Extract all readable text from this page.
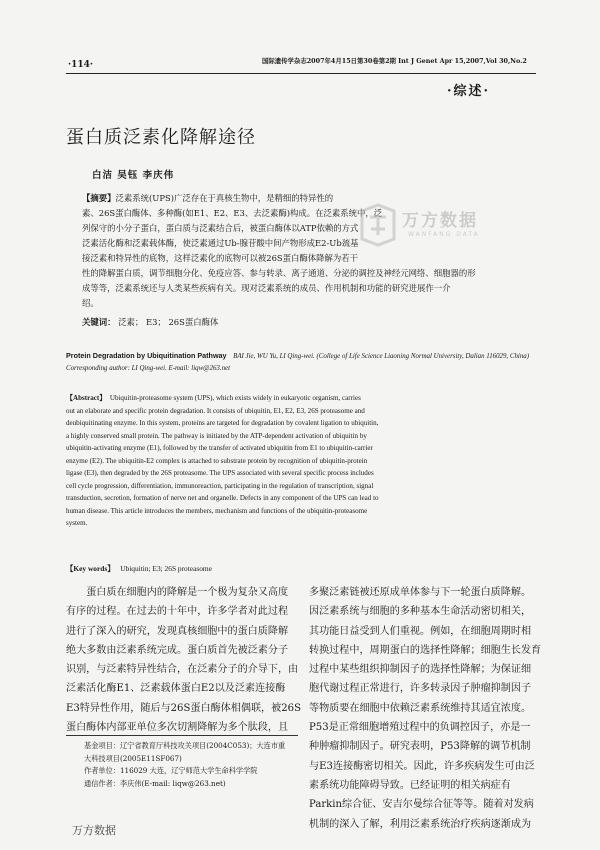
·114·	国际遗传学杂志2007年4月15日第30卷第2期 Int J Genet Apr 15,2007,Vol 30,No.2
·综述·
蛋白质泛素化降解途径
白洁 吴钰 李庆伟

【摘要】泛素系统(UPS)广泛存在于真核生物中，是精细的特异性的

素、26S蛋白酶体、多种酶(如E1、E2、E3、去泛素酶)构成。在泛素系统中，泛

列保守的小分子蛋白，蛋白质与泛素结合后，被蛋白酶体以ATP依赖的方式

泛素活化酶和泛素载体酶，使泛素通过Ub-腺苷酸中间产物形成E2-Ub巯基

接泛素和特异性的底物，这样泛素化的底物可以被26S蛋白酶体降解为若干

性的降解蛋白质，调节细胞分化、免疫应答、参与转录、离子通道、分泌的调控及神经元网络、细胞器的形

成等等，泛素系统还与人类某些疾病有关。现对泛素系统的成员、作用机制和功能的研究进展作一介

绍。

万方数据
WANFANG DATA
关键词： 泛素； E3； 26S蛋白酶体
Protein Degradation by Ubiquitination Pathway BAI Jie, WU Yu, LI Qing-wei. (College of Life Science Liaoning Normal University, Dalian 116029, China)
Corresponding author: LI Qing-wei. E-mail: liqw@263.net

【Abstract】 Ubiquitin-proteasome system (UPS), which exists widely in eukaryotic organism, carries

out an elaborate and specific protein degradation. It consists of ubiquitin, E1, E2, E3, 26S proteasome and

deubiquitinating enzyme. In this system, proteins are targeted for degradation by covalent ligation to ubiquitin,

a highly conserved small protein. The pathway is initiated by the ATP-dependent activation of ubiquitin by

ubiquitin-activating enzyme (E1), followed by the transfer of activated ubiquitin from E1 to ubiquitin-carrier

enzyme (E2). The ubiquitin-E2 complex is attached to substrate protein by recognition of ubiquitin-protein

ligase (E3), then degraded by the 26S proteasome. The UPS associated with several specific process includes

cell cycle progression, differentiation, immunoreaction, participating in the regulation of transcription, signal

transduction, secretion, formation of nerve net and organelle. Defects in any component of the UPS can lead to

human disease. This article introduces the members, mechanism and functions of the ubiquitin-proteasome

system.

【Key words】 Ubiquitin; E3; 26S proteasome

蛋白质在细胞内的降解是一个极为复杂又高度

有序的过程。在过去的十年中，许多学者对此过程

进行了深入的研究，发现真核细胞中的蛋白质降解

绝大多数由泛素系统完成。蛋白质首先被泛素分子

识别，与泛素特异性结合，在泛素分子的介导下，由

泛素活化酶E1、泛素载体蛋白E2以及泛素连接酶

E3特异性作用，随后与26S蛋白酶体相偶联，被26S

蛋白酶体内部亚单位多次切割降解为多个肽段，且

基金项目：辽宁省教育厅科技攻关项目(2004C053)；大连市重

大科技项目(2005E11SF067)

作者单位：116029 大连，辽宁师范大学生命科学学院

通信作者：李庆伟(E-mail: liqw@263.net)

多聚泛素链被还原成单体参与下一轮蛋白质降解。

因泛素系统与细胞的多种基本生命活动密切相关，

其功能日益受到人们重视。例如，在细胞周期时相

转换过程中，周期蛋白的选择性降解；细胞生长发育

过程中某些组织抑制因子的选择性降解；为保证细

胞代谢过程正常进行，许多转录因子肿瘤抑制因子

等物质要在细胞中依赖泛素系统维持其适宜浓度。

P53是正常细胞增殖过程中的负调控因子，亦是一

种肿瘤抑制因子。研究表明，P53降解的调节机制

与E3连接酶密切相关。因此，许多疾病发生可由泛

素系统功能障碍导致。已经证明的相关病症有

Parkin综合征、安吉尔曼综合征等等。随着对发病

机制的深入了解，利用泛素系统治疗疾病逐渐成为

万方数据
